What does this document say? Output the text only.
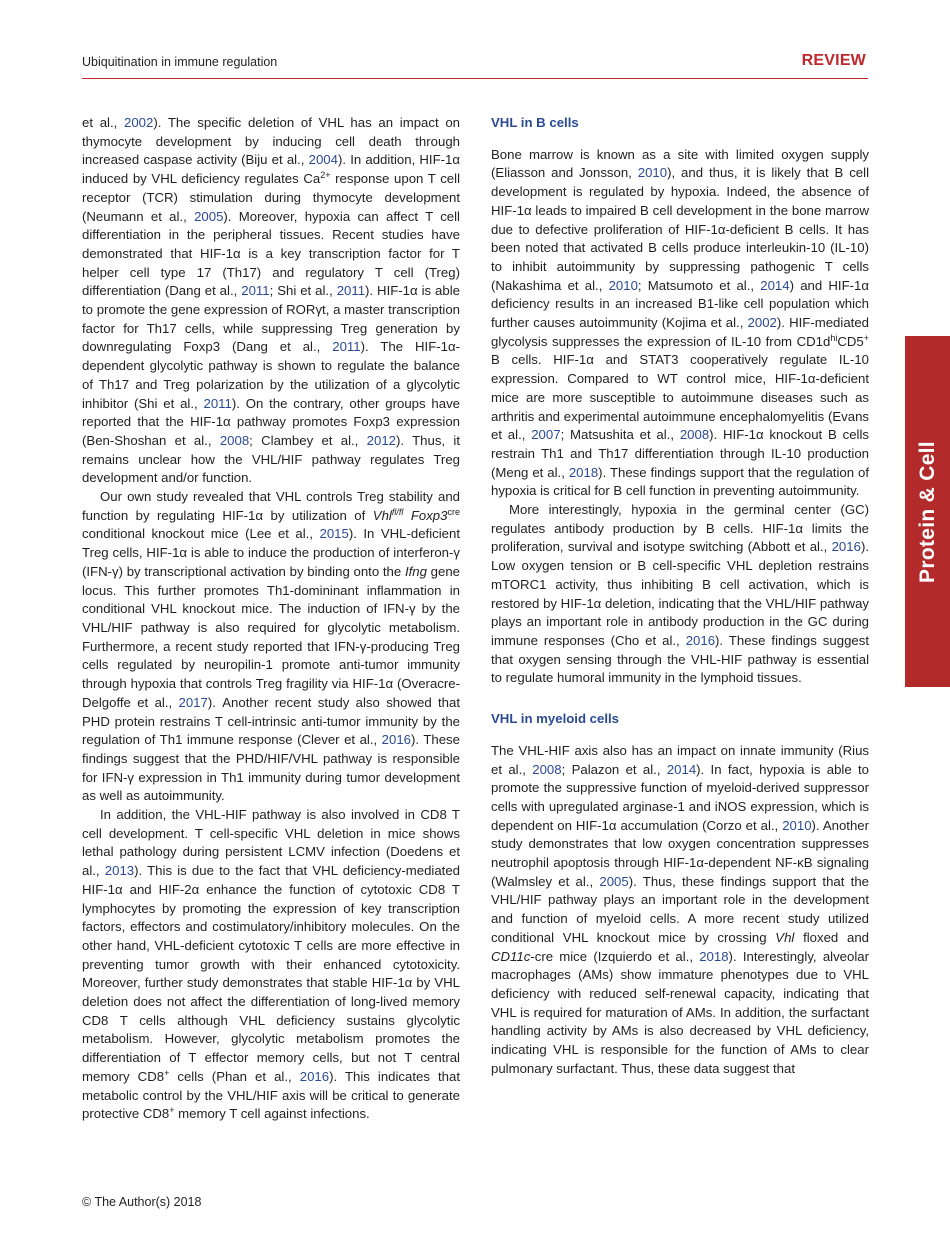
Ubiquitination in immune regulation	REVIEW

et al., 2002). The specific deletion of VHL has an impact on thymocyte development by inducing cell death through increased caspase activity (Biju et al., 2004). In addition, HIF-1α induced by VHL deficiency regulates $Ca^{2+}$ response upon T cell receptor (TCR) stimulation during thymocyte development (Neumann et al., 2005). Moreover, hypoxia can affect T cell differentiation in the peripheral tissues. Recent studies have demonstrated that HIF-1α is a key transcription factor for T helper cell type 17 (Th17) and regulatory T cell (Treg) differentiation (Dang et al., 2011; Shi et al., 2011). HIF-1α is able to promote the gene expression of RORγt, a master transcription factor for Th17 cells, while suppressing Treg generation by downregulating Foxp3 (Dang et al., 2011). The HIF-1α-dependent glycolytic pathway is shown to regulate the balance of Th17 and Treg polarization by the utilization of a glycolytic inhibitor (Shi et al., 2011). On the contrary, other groups have reported that the HIF-1α pathway promotes Foxp3 expression (Ben-Shoshan et al., 2008; Clambey et al., 2012). Thus, it remains unclear how the VHL/HIF pathway regulates Treg development and/or function.

Our own study revealed that VHL controls Treg stability and function by regulating HIF-1α by utilization of Vhl$^{fl/fl}$ $Foxp3^{cre}$ conditional knockout mice (Lee et al., 2015). In VHL-deficient Treg cells, HIF-1α is able to induce the production of interferon-γ (IFN-γ) by transcriptional activation by binding onto the Ifng gene locus. This further promotes Th1-domininant inflammation in conditional VHL knockout mice. The induction of IFN-γ by the VHL/HIF pathway is also required for glycolytic metabolism. Furthermore, a recent study reported that IFN-γ-producing Treg cells regulated by neuropilin-1 promote anti-tumor immunity through hypoxia that controls Treg fragility via HIF-1α (Overacre-Delgoffe et al., 2017). Another recent study also showed that PHD protein restrains T cell-intrinsic anti-tumor immunity by the regulation of Th1 immune response (Clever et al., 2016). These findings suggest that the PHD/HIF/VHL pathway is responsible for IFN-γ expression in Th1 immunity during tumor development as well as autoimmunity.

In addition, the VHL-HIF pathway is also involved in CD8 T cell development. T cell-specific VHL deletion in mice shows lethal pathology during persistent LCMV infection (Doedens et al., 2013). This is due to the fact that VHL deficiency-mediated HIF-1α and HIF-2α enhance the function of cytotoxic CD8 T lymphocytes by promoting the expression of key transcription factors, effectors and costimulatory/inhibitory molecules. On the other hand, VHL-deficient cytotoxic T cells are more effective in preventing tumor growth with their enhanced cytotoxicity. Moreover, further study demonstrates that stable HIF-1α by VHL deletion does not affect the differentiation of long-lived memory CD8 T cells although VHL deficiency sustains glycolytic metabolism. However, glycolytic metabolism promotes the differentiation of T effector memory cells, but not T central memory CD8+ cells (Phan et al., 2016). This indicates that metabolic control by the VHL/HIF axis will be critical to generate protective CD8+ memory T cell against infections.

VHL in B cells

Bone marrow is known as a site with limited oxygen supply (Eliasson and Jonsson, 2010), and thus, it is likely that B cell development is regulated by hypoxia. Indeed, the absence of HIF-1α leads to impaired B cell development in the bone marrow due to defective proliferation of HIF-1α-deficient B cells. It has been noted that activated B cells produce interleukin-10 (IL-10) to inhibit autoimmunity by suppressing pathogenic T cells (Nakashima et al., 2010; Matsumoto et al., 2014) and HIF-1α deficiency results in an increased B1-like cell population which further causes autoimmunity (Kojima et al., 2002). HIF-mediated glycolysis suppresses the expression of IL-10 from $CD1d^{hi}CD5^+$ B cells. HIF-1α and STAT3 cooperatively regulate IL-10 expression. Compared to WT control mice, HIF-1α-deficient mice are more susceptible to autoimmune diseases such as arthritis and experimental autoimmune encephalomyelitis (Evans et al., 2007; Matsushita et al., 2008). HIF-1α knockout B cells restrain Th1 and Th17 differentiation through IL-10 production (Meng et al., 2018). These findings support that the regulation of hypoxia is critical for B cell function in preventing autoimmunity.

More interestingly, hypoxia in the germinal center (GC) regulates antibody production by B cells. HIF-1α limits the proliferation, survival and isotype switching (Abbott et al., 2016). Low oxygen tension or B cell-specific VHL depletion restrains mTORC1 activity, thus inhibiting B cell activation, which is restored by HIF-1α deletion, indicating that the VHL/HIF pathway plays an important role in antibody production in the GC during immune responses (Cho et al., 2016). These findings suggest that oxygen sensing through the VHL-HIF pathway is essential to regulate humoral immunity in the lymphoid tissues.

VHL in myeloid cells

The VHL-HIF axis also has an impact on innate immunity (Rius et al., 2008; Palazon et al., 2014). In fact, hypoxia is able to promote the suppressive function of myeloid-derived suppressor cells with upregulated arginase-1 and iNOS expression, which is dependent on HIF-1α accumulation (Corzo et al., 2010). Another study demonstrates that low oxygen concentration suppresses neutrophil apoptosis through HIF-1α-dependent NF-κB signaling (Walmsley et al., 2005). Thus, these findings support that the VHL/HIF pathway plays an important role in the development and function of myeloid cells. A more recent study utilized conditional VHL knockout mice by crossing Vhl floxed and CD11c-cre mice (Izquierdo et al., 2018). Interestingly, alveolar macrophages (AMs) show immature phenotypes due to VHL deficiency with reduced self-renewal capacity, indicating that VHL is required for maturation of AMs. In addition, the surfactant handling activity by AMs is also decreased by VHL deficiency, indicating VHL is responsible for the function of AMs to clear pulmonary surfactant. Thus, these data suggest that

Protein & Cell
© The Author(s) 2018
